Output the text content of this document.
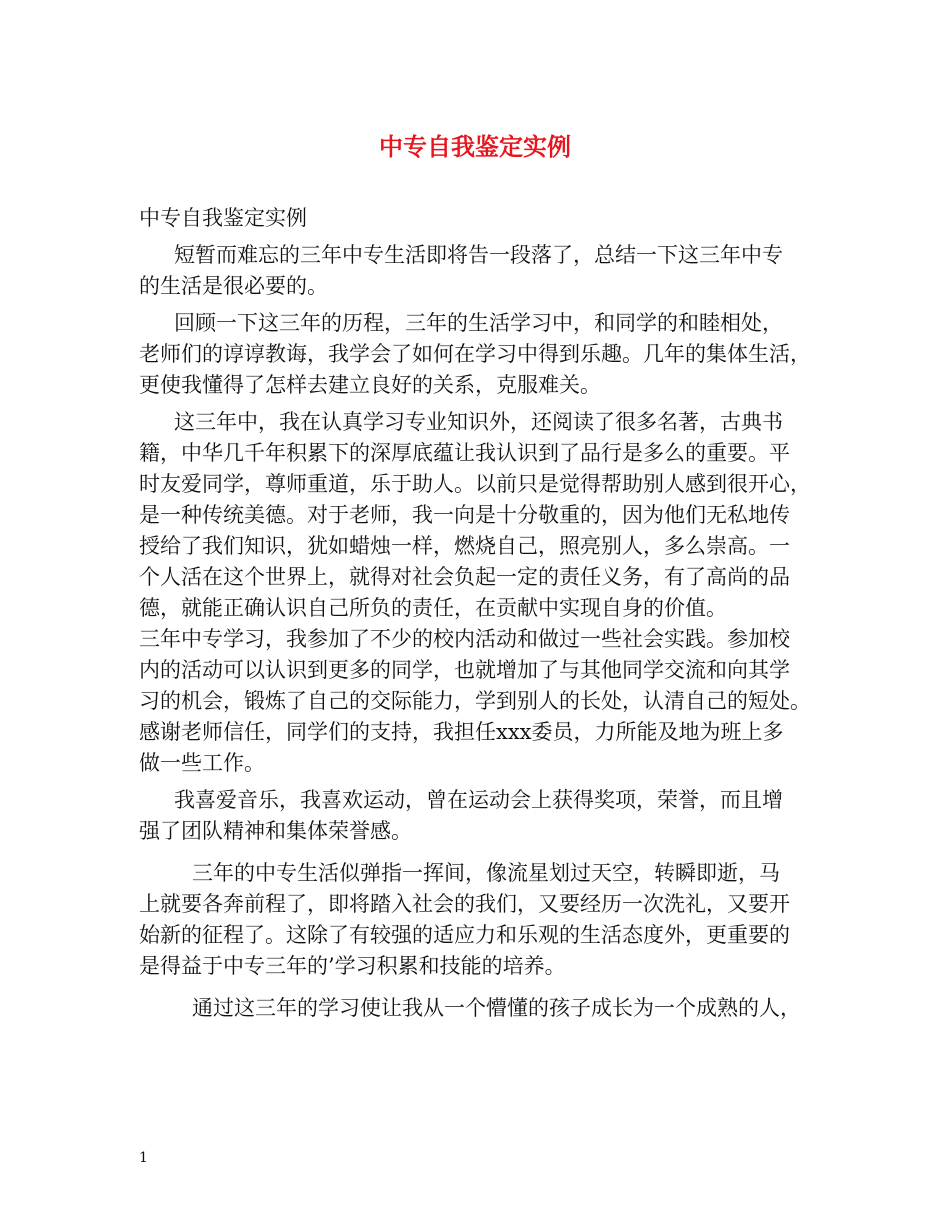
中专自我鉴定实例
中专自我鉴定实例
短暂而难忘的三年中专生活即将告一段落了，总结一下这三年中专
的生活是很必要的。
回顾一下这三年的历程，三年的生活学习中，和同学的和睦相处，
老师们的谆谆教诲，我学会了如何在学习中得到乐趣。几年的集体生活，
更使我懂得了怎样去建立良好的关系，克服难关。
这三年中，我在认真学习专业知识外，还阅读了很多名著，古典书
籍，中华几千年积累下的深厚底蕴让我认识到了品行是多么的重要。平
时友爱同学，尊师重道，乐于助人。以前只是觉得帮助别人感到很开心，
是一种传统美德。对于老师，我一向是十分敬重的，因为他们无私地传
授给了我们知识，犹如蜡烛一样，燃烧自己，照亮别人，多么崇高。一
个人活在这个世界上，就得对社会负起一定的责任义务，有了高尚的品
德，就能正确认识自己所负的责任，在贡献中实现自身的价值。
三年中专学习，我参加了不少的校内活动和做过一些社会实践。参加校
内的活动可以认识到更多的同学，也就增加了与其他同学交流和向其学
习的机会，锻炼了自己的交际能力，学到别人的长处，认清自己的短处。
感谢老师信任，同学们的支持，我担任xxx委员，力所能及地为班上多
做一些工作。
我喜爱音乐，我喜欢运动，曾在运动会上获得奖项，荣誉，而且增
强了团队精神和集体荣誉感。
三年的中专生活似弹指一挥间，像流星划过天空，转瞬即逝，马
上就要各奔前程了，即将踏入社会的我们，又要经历一次洗礼，又要开
始新的征程了。这除了有较强的适应力和乐观的生活态度外，更重要的
是得益于中专三年的’学习积累和技能的培养。
通过这三年的学习使让我从一个懵懂的孩子成长为一个成熟的人，
1
